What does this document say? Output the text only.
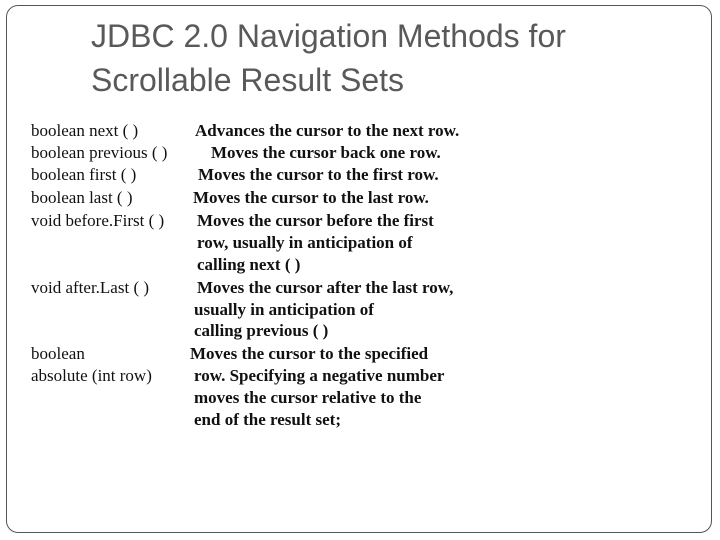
JDBC 2.0 Navigation Methods for
Scrollable Result Sets
boolean next ( )	Advances the cursor to the next row.
boolean previous ( )	Moves the cursor back one row.
boolean first ( )	Moves the cursor to the first row.
boolean last ( )	Moves the cursor to the last row.
void before.First ( ) Moves the cursor before the first
row, usually in anticipation of
calling next ( )
void after.Last ( )	Moves the cursor after the last row,
usually in anticipation of
calling previous ( )
boolean	Moves the cursor to the specified
absolute (int row) row. Specifying a negative number
moves the cursor relative to the
end of the result set;
